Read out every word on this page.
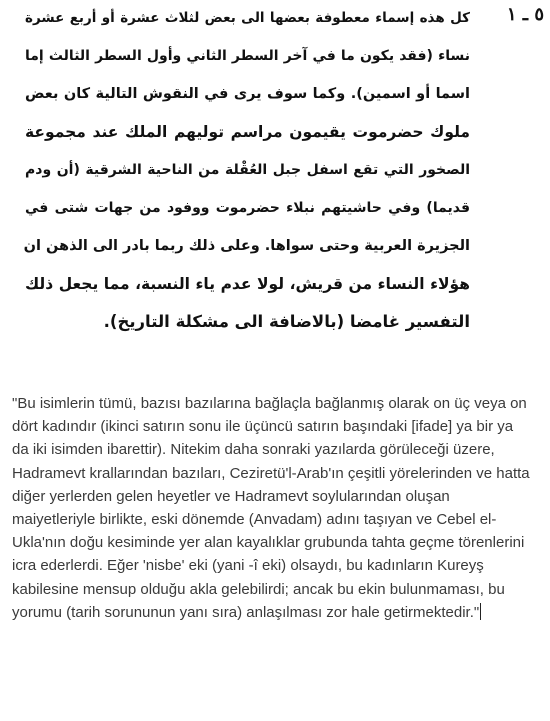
٥ ـ ١
كل هذه إسماء معطوفة بعضها الى بعض لثلاث عشرة أو أربع عشرة
نساء (فقد يكون ما في آخر السطر الثاني وأول السطر الثالث إما
اسما أو اسمين). وكما سوف يرى في النقوش التالية كان بعض
ملوك حضرموت يقيمون مراسم توليهم الملك عند مجموعة
الصخور التي تقع اسفل جبل العُقْلة من الناحية الشرقية (أن ودم
قديما) وفي حاشيتهم نبلاء حضرموت ووفود من جهات شتى في
الجزيرة العربية وحتى سواها. وعلى ذلك ربما بادر الى الذهن ان
هؤلاء النساء من قريش، لولا عدم ياء النسبة، مما يجعل ذلك
التفسير غامضا (بالاضافة الى مشكلة التاريخ).
"Bu isimlerin tümü, bazısı bazılarına bağlaçla bağlanmış olarak on üç veya on dört kadındır (ikinci satırın sonu ile üçüncü satırın başındaki [ifade] ya bir ya da iki isimden ibarettir). Nitekim daha sonraki yazılarda görüleceği üzere, Hadramevt krallarından bazıları, Ceziretü'l-Arab'ın çeşitli yörelerinden ve hatta diğer yerlerden gelen heyetler ve Hadramevt soylularından oluşan maiyetleriyle birlikte, eski dönemde (Anvadam) adını taşıyan ve Cebel el-Ukla'nın doğu kesiminde yer alan kayalıklar grubunda tahta geçme törenlerini icra ederlerdi. Eğer 'nisbe' eki (yani -î eki) olsaydı, bu kadınların Kureyş kabilesine mensup olduğu akla gelebilirdi; ancak bu ekin bulunmaması, bu yorumu (tarih sorununun yanı sıra) anlaşılması zor hale getirmektedir."
